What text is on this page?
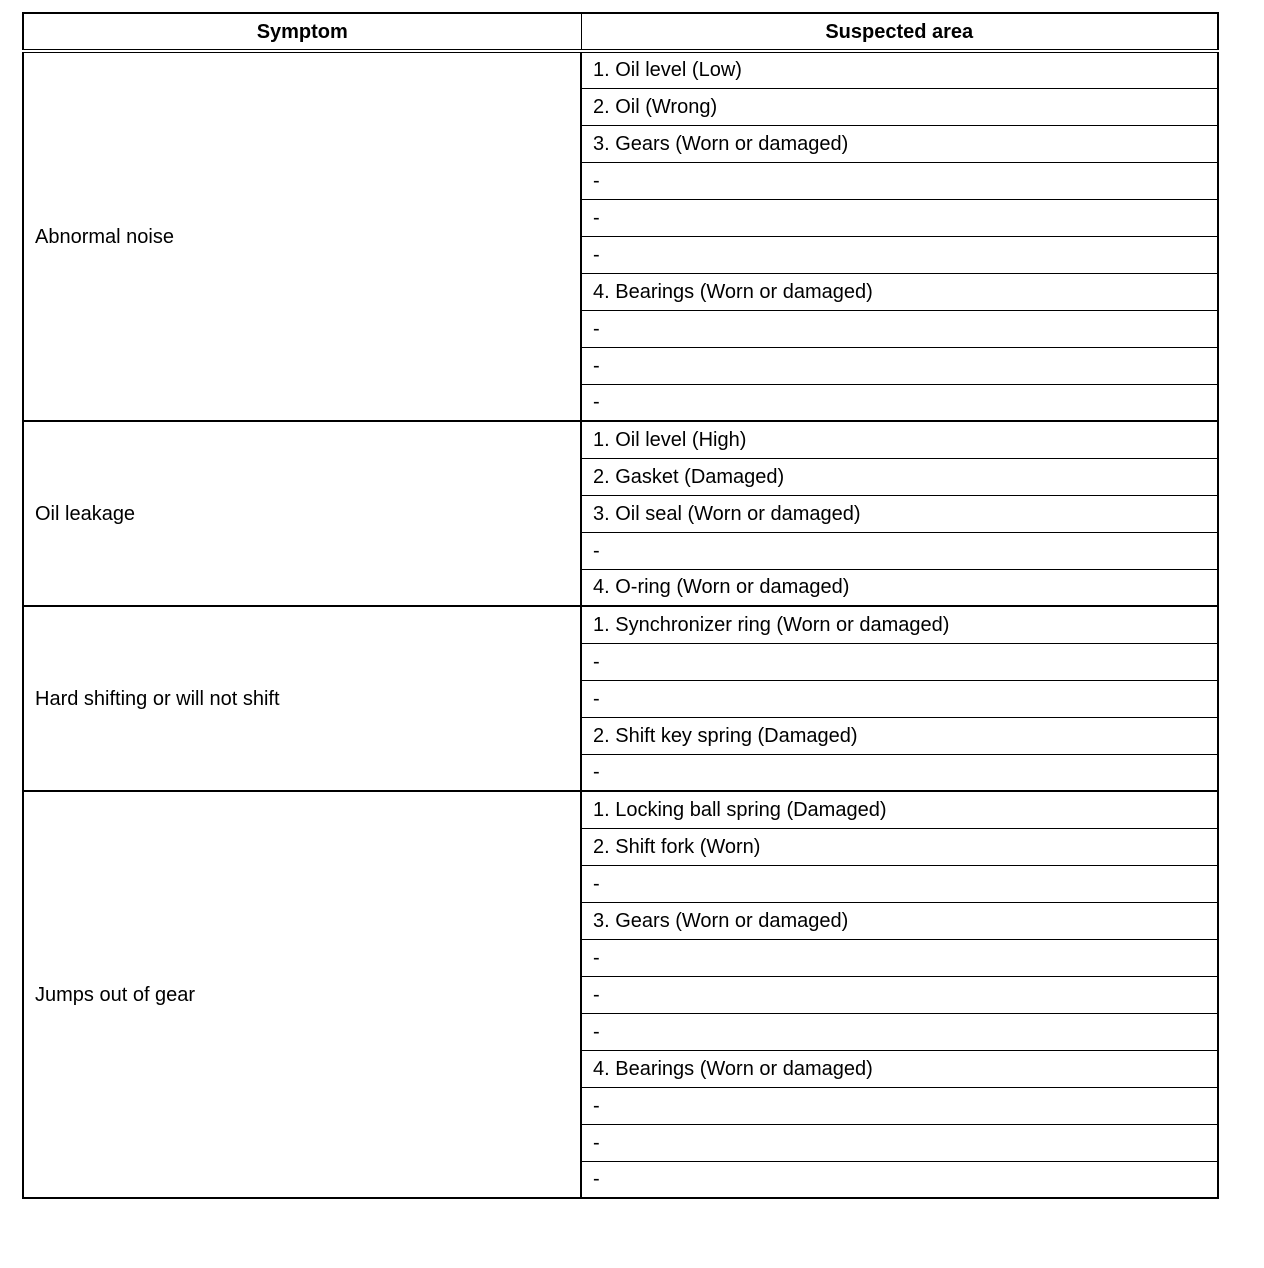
Symptom	Suspected area
Abnormal noise	1. Oil level (Low)
	2. Oil (Wrong)
	3. Gears (Worn or damaged)
	-
	-
	-
	4. Bearings (Worn or damaged)
	-
	-
	-
Oil leakage	1. Oil level (High)
	2. Gasket (Damaged)
	3. Oil seal (Worn or damaged)
	-
	4. O-ring (Worn or damaged)
Hard shifting or will not shift	1. Synchronizer ring (Worn or damaged)
	-
	-
	2. Shift key spring (Damaged)
	-
Jumps out of gear	1. Locking ball spring (Damaged)
	2. Shift fork (Worn)
	-
	3. Gears (Worn or damaged)
	-
	-
	-
	4. Bearings (Worn or damaged)
	-
	-
	-
